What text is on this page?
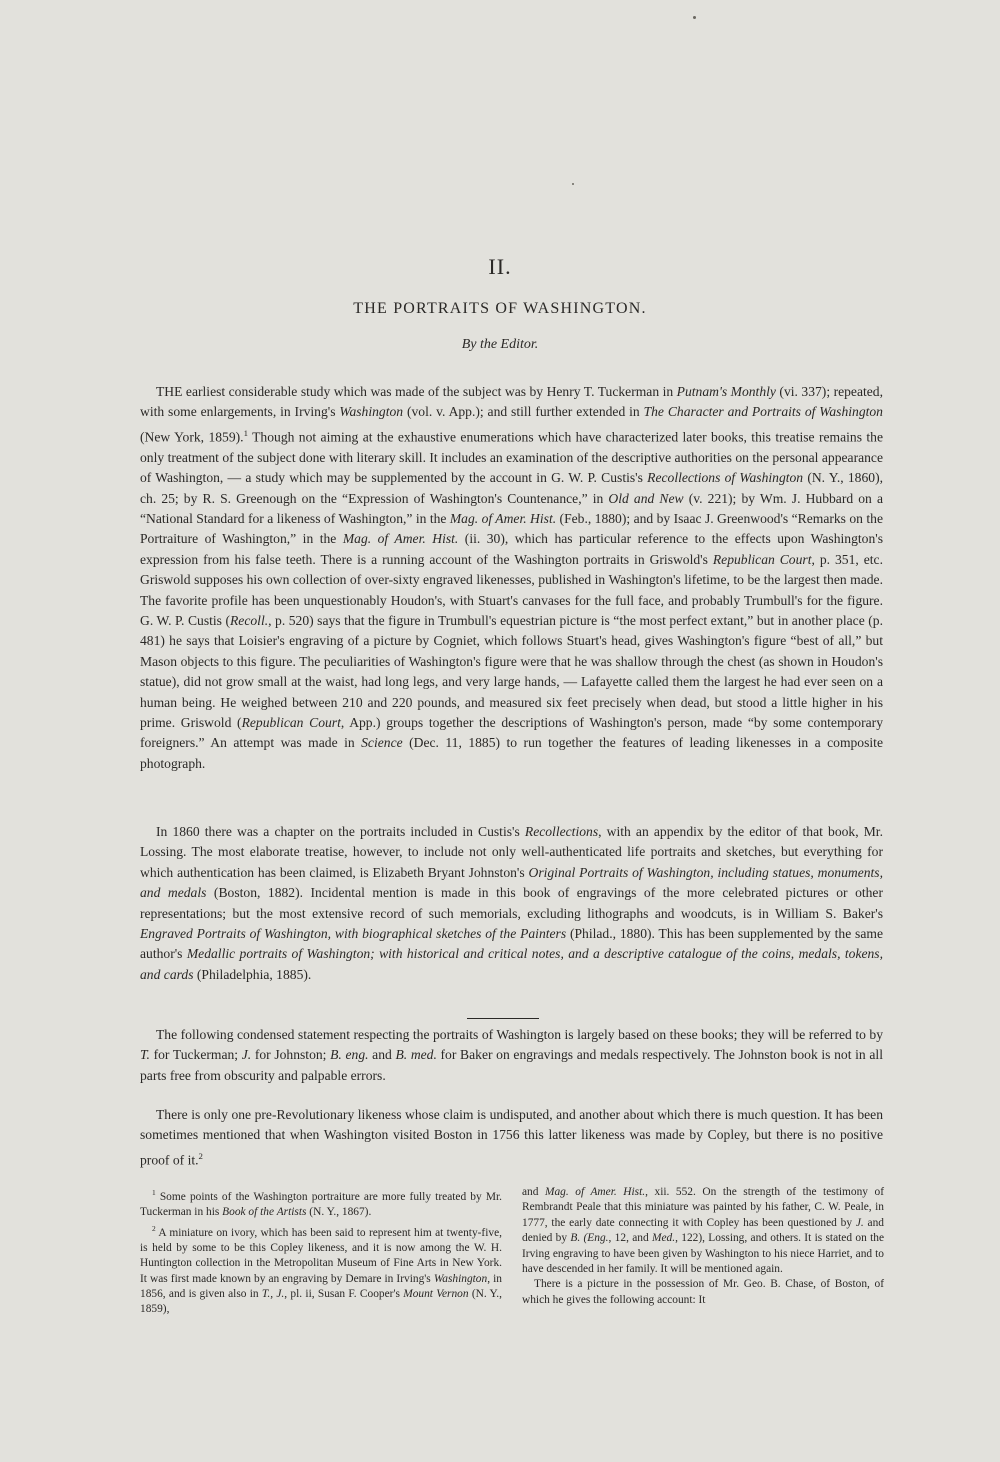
II.
THE PORTRAITS OF WASHINGTON.
By the Editor.

THE earliest considerable study which was made of the subject was by Henry T. Tuckerman in Putnam's Monthly (vi. 337); repeated, with some enlargements, in Irving's Washington (vol. v. App.); and still further extended in The Character and Portraits of Washington (New York, 1859).$^1$ Though not aiming at the exhaustive enumerations which have characterized later books, this treatise remains the only treatment of the subject done with literary skill. It includes an examination of the descriptive authorities on the personal appearance of Washington, — a study which may be supplemented by the account in G. W. P. Custis's Recollections of Washington (N. Y., 1860), ch. 25; by R. S. Greenough on the “Expression of Washington's Countenance,” in Old and New (v. 221); by Wm. J. Hubbard on a “National Standard for a likeness of Washington,” in the Mag. of Amer. Hist. (Feb., 1880); and by Isaac J. Greenwood's “Remarks on the Portraiture of Washington,” in the Mag. of Amer. Hist. (ii. 30), which has particular reference to the effects upon Washington's expression from his false teeth. There is a running account of the Washington portraits in Griswold's Republican Court, p. 351, etc. Griswold supposes his own collection of over-sixty engraved likenesses, published in Washington's lifetime, to be the largest then made. The favorite profile has been unquestionably Houdon's, with Stuart's canvases for the full face, and probably Trumbull's for the figure. G. W. P. Custis (Recoll., p. 520) says that the figure in Trumbull's equestrian picture is “the most perfect extant,” but in another place (p. 481) he says that Loisier's engraving of a picture by Cogniet, which follows Stuart's head, gives Washington's figure “best of all,” but Mason objects to this figure. The peculiarities of Washington's figure were that he was shallow through the chest (as shown in Houdon's statue), did not grow small at the waist, had long legs, and very large hands, — Lafayette called them the largest he had ever seen on a human being. He weighed between 210 and 220 pounds, and measured six feet precisely when dead, but stood a little higher in his prime. Griswold (Republican Court, App.) groups together the descriptions of Washington's person, made “by some contemporary foreigners.” An attempt was made in Science (Dec. 11, 1885) to run together the features of leading likenesses in a composite photograph.

In 1860 there was a chapter on the portraits included in Custis's Recollections, with an appendix by the editor of that book, Mr. Lossing. The most elaborate treatise, however, to include not only well-authenticated life portraits and sketches, but everything for which authentication has been claimed, is Elizabeth Bryant Johnston's Original Portraits of Washington, including statues, monuments, and medals (Boston, 1882). Incidental mention is made in this book of engravings of the more celebrated pictures or other representations; but the most extensive record of such memorials, excluding lithographs and woodcuts, is in William S. Baker's Engraved Portraits of Washington, with biographical sketches of the Painters (Philad., 1880). This has been supplemented by the same author's Medallic portraits of Washington; with historical and critical notes, and a descriptive catalogue of the coins, medals, tokens, and cards (Philadelphia, 1885).

The following condensed statement respecting the portraits of Washington is largely based on these books; they will be referred to by T. for Tuckerman; J. for Johnston; B. eng. and B. med. for Baker on engravings and medals respectively. The Johnston book is not in all parts free from obscurity and palpable errors.

There is only one pre-Revolutionary likeness whose claim is undisputed, and another about which there is much question. It has been sometimes mentioned that when Washington visited Boston in 1756 this latter likeness was made by Copley, but there is no positive proof of it.$^2$

$^1$ Some points of the Washington portraiture are more fully treated by Mr. Tuckerman in his Book of the Artists (N. Y., 1867).

$^2$ A miniature on ivory, which has been said to represent him at twenty-five, is held by some to be this Copley likeness, and it is now among the W. H. Huntington collection in the Metropolitan Museum of Fine Arts in New York. It was first made known by an engraving by Demare in Irving's Washington, in 1856, and is given also in T., J., pl. ii, Susan F. Cooper's Mount Vernon (N. Y., 1859),

and Mag. of Amer. Hist., xii. 552. On the strength of the testimony of Rembrandt Peale that this miniature was painted by his father, C. W. Peale, in 1777, the early date connecting it with Copley has been questioned by J. and denied by B. (Eng., 12, and Med., 122), Lossing, and others. It is stated on the Irving engraving to have been given by Washington to his niece Harriet, and to have descended in her family. It will be mentioned again.

There is a picture in the possession of Mr. Geo. B. Chase, of Boston, of which he gives the following account: It
